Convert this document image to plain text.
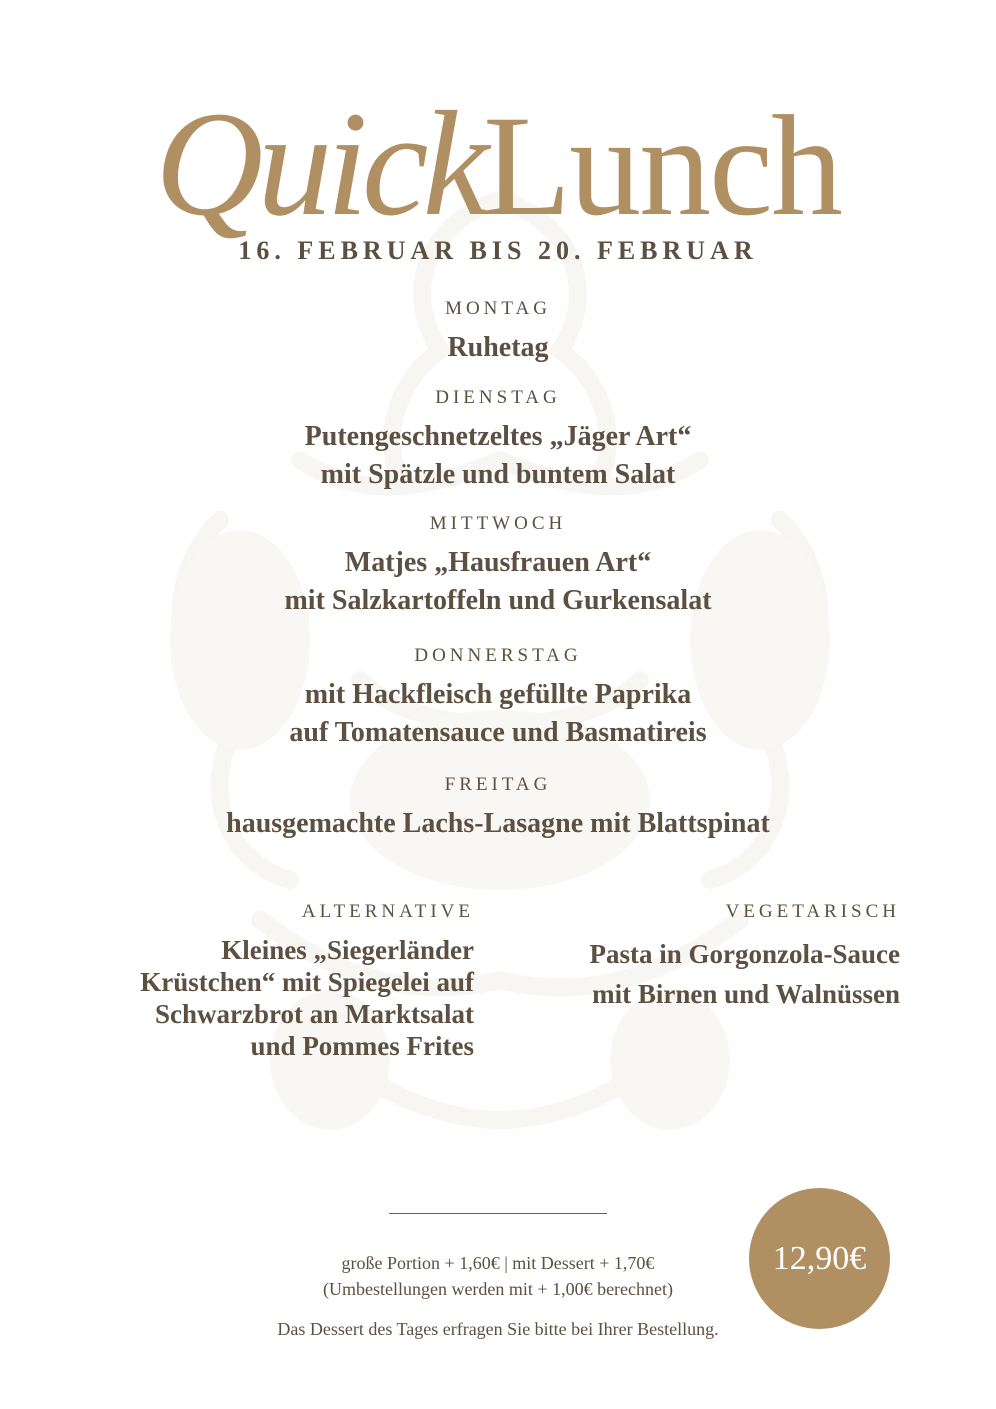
QuickLunch
16. FEBRUAR BIS 20. FEBRUAR
MONTAG
Ruhetag
DIENSTAG
Putengeschnetzeltes „Jäger Art“
mit Spätzle und buntem Salat
MITTWOCH
Matjes „Hausfrauen Art“
mit Salzkartoffeln und Gurkensalat
DONNERSTAG
mit Hackfleisch gefüllte Paprika
auf Tomatensauce und Basmatireis
FREITAG
hausgemachte Lachs-Lasagne mit Blattspinat
ALTERNATIVE
Kleines „Siegerländer
Krüstchen“ mit Spiegelei auf
Schwarzbrot an Marktsalat
und Pommes Frites
VEGETARISCH
Pasta in Gorgonzola-Sauce
mit Birnen und Walnüssen
große Portion + 1,60€ | mit Dessert + 1,70€
(Umbestellungen werden mit + 1,00€ berechnet)
Das Dessert des Tages erfragen Sie bitte bei Ihrer Bestellung.
12,90€
